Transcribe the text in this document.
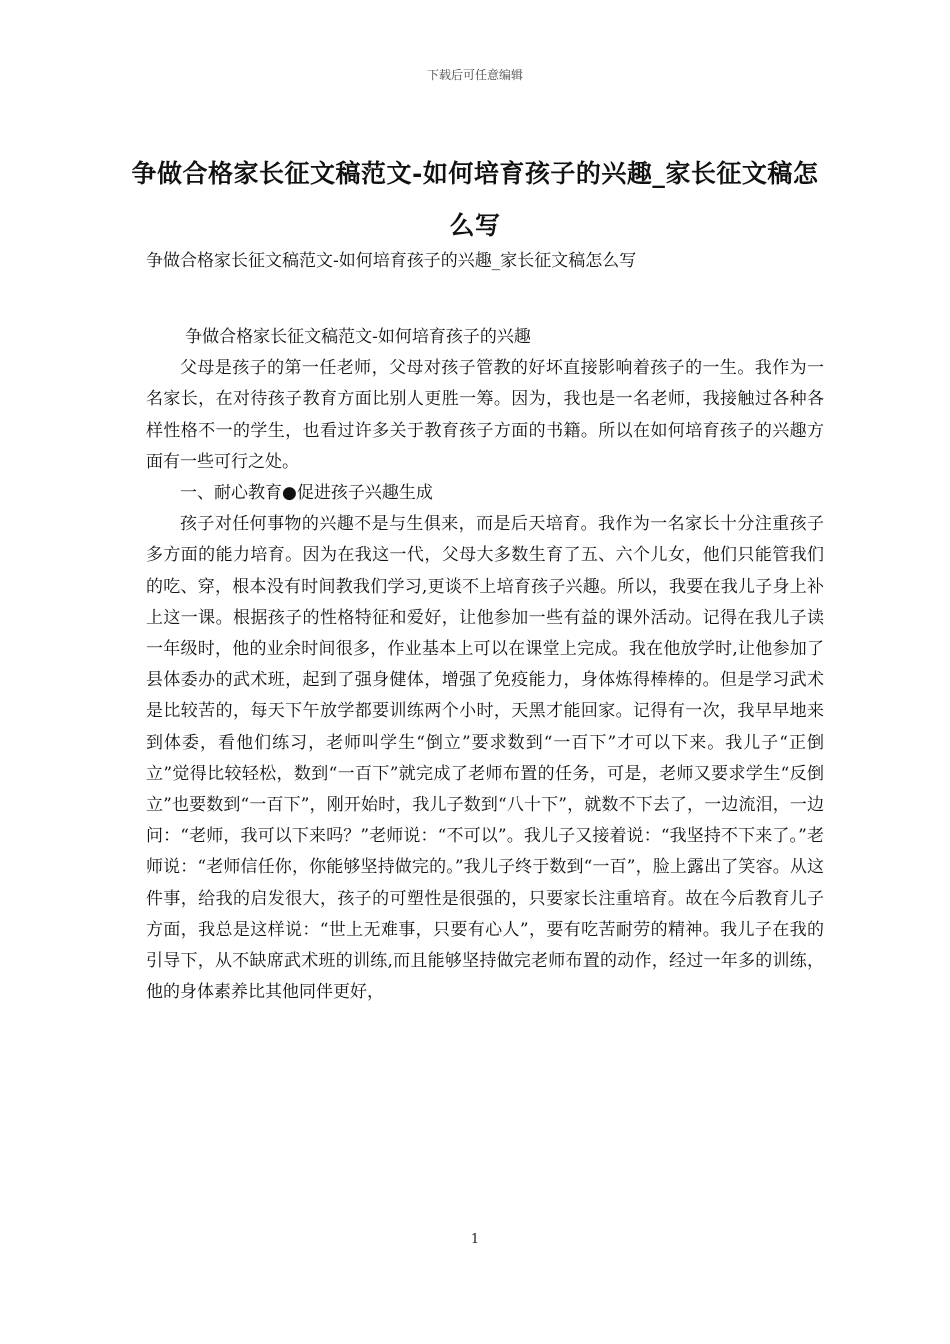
下载后可任意编辑
争做合格家长征文稿范文-如何培育孩子的兴趣_家长征文稿怎么写
争做合格家长征文稿范文-如何培育孩子的兴趣_家长征文稿怎么写

争做合格家长征文稿范文-如何培育孩子的兴趣

父母是孩子的第一任老师，父母对孩子管教的好坏直接影响着孩子的一生。我作为一名家长，在对待孩子教育方面比别人更胜一筹。因为，我也是一名老师，我接触过各种各样性格不一的学生，也看过许多关于教育孩子方面的书籍。所以在如何培育孩子的兴趣方面有一些可行之处。

一、耐心教育●促进孩子兴趣生成

孩子对任何事物的兴趣不是与生俱来，而是后天培育。我作为一名家长十分注重孩子多方面的能力培育。因为在我这一代，父母大多数生育了五、六个儿女，他们只能管我们的吃、穿，根本没有时间教我们学习,更谈不上培育孩子兴趣。所以，我要在我儿子身上补上这一课。根据孩子的性格特征和爱好，让他参加一些有益的课外活动。记得在我儿子读一年级时，他的业余时间很多，作业基本上可以在课堂上完成。我在他放学时,让他参加了县体委办的武术班，起到了强身健体，增强了免疫能力，身体炼得棒棒的。但是学习武术是比较苦的，每天下午放学都要训练两个小时，天黑才能回家。记得有一次，我早早地来到体委，看他们练习，老师叫学生“倒立”要求数到“一百下”才可以下来。我儿子“正倒立”觉得比较轻松，数到“一百下”就完成了老师布置的任务，可是，老师又要求学生“反倒立”也要数到“一百下”，刚开始时，我儿子数到“八十下”，就数不下去了，一边流泪，一边问：“老师，我可以下来吗？”老师说：“不可以”。我儿子又接着说：“我坚持不下来了。”老师说：“老师信任你，你能够坚持做完的。”我儿子终于数到“一百”，脸上露出了笑容。从这件事，给我的启发很大，孩子的可塑性是很强的，只要家长注重培育。故在今后教育儿子方面，我总是这样说：“世上无难事，只要有心人”，要有吃苦耐劳的精神。我儿子在我的引导下，从不缺席武术班的训练,而且能够坚持做完老师布置的动作，经过一年多的训练，他的身体素养比其他同伴更好，

1
